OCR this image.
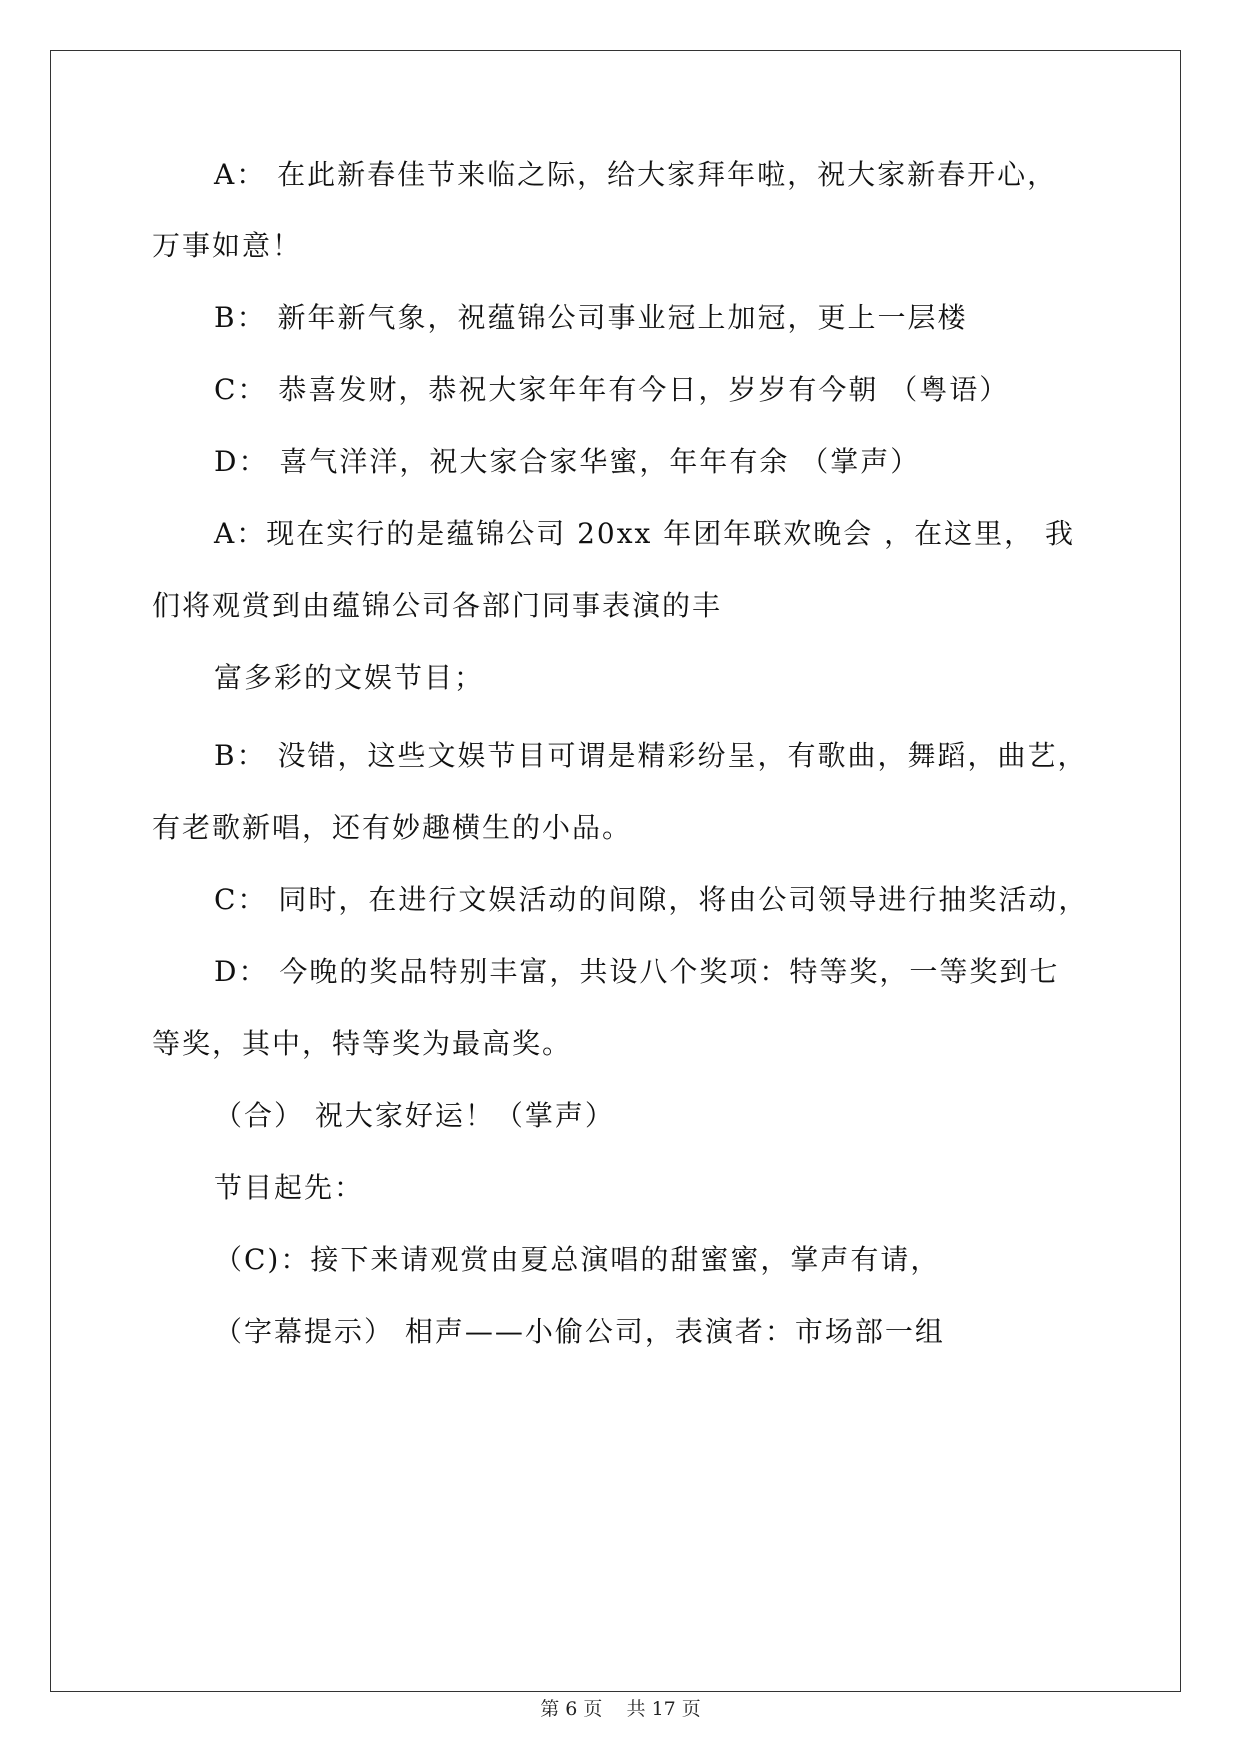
A： 在此新春佳节来临之际，给大家拜年啦，祝大家新春开心，
万事如意！
B： 新年新气象，祝蕴锦公司事业冠上加冠，更上一层楼
C： 恭喜发财，恭祝大家年年有今日，岁岁有今朝 （粤语）
D： 喜气洋洋，祝大家合家华蜜，年年有余 （掌声）
A：现在实行的是蕴锦公司 20xx 年团年联欢晚会 ，在这里， 我
们将观赏到由蕴锦公司各部门同事表演的丰
富多彩的文娱节目；
B： 没错，这些文娱节目可谓是精彩纷呈，有歌曲，舞蹈，曲艺，
有老歌新唱，还有妙趣横生的小品。
C： 同时，在进行文娱活动的间隙，将由公司领导进行抽奖活动，
D： 今晚的奖品特别丰富，共设八个奖项：特等奖，一等奖到七
等奖，其中，特等奖为最高奖。
（合） 祝大家好运！（掌声）
节目起先：
（C)：接下来请观赏由夏总演唱的甜蜜蜜，掌声有请，
（字幕提示） 相声——小偷公司，表演者：市场部一组
第 6 页 共 17 页
